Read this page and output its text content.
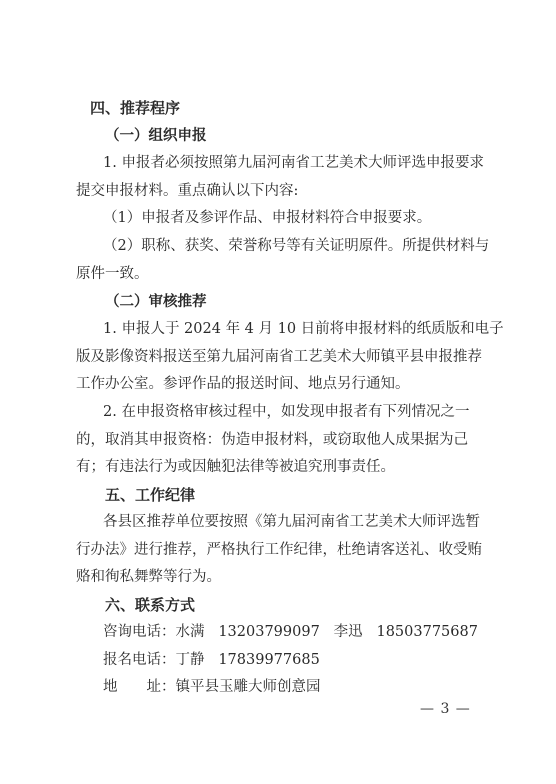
四、推荐程序
（一）组织申报
1. 申报者必须按照第九届河南省工艺美术大师评选申报要求
提交申报材料。重点确认以下内容:
（1）申报者及参评作品、申报材料符合申报要求。
（2）职称、获奖、荣誉称号等有关证明原件。所提供材料与
原件一致。
（二）审核推荐
1. 申报人于 2024 年 4 月 10 日前将申报材料的纸质版和电子
版及影像资料报送至第九届河南省工艺美术大师镇平县申报推荐
工作办公室。参评作品的报送时间、地点另行通知。
2. 在申报资格审核过程中，如发现申报者有下列情况之一
的，取消其申报资格：伪造申报材料，或窃取他人成果据为己
有；有违法行为或因触犯法律等被追究刑事责任。
五、工作纪律
各县区推荐单位要按照《第九届河南省工艺美术大师评选暂
行办法》进行推荐，严格执行工作纪律，杜绝请客送礼、收受贿
赂和徇私舞弊等行为。
六、联系方式
咨询电话：水满 13203799097 李迅 18503775687
报名电话：丁静 17839977685
地　　址：镇平县玉雕大师创意园
— 3 —
